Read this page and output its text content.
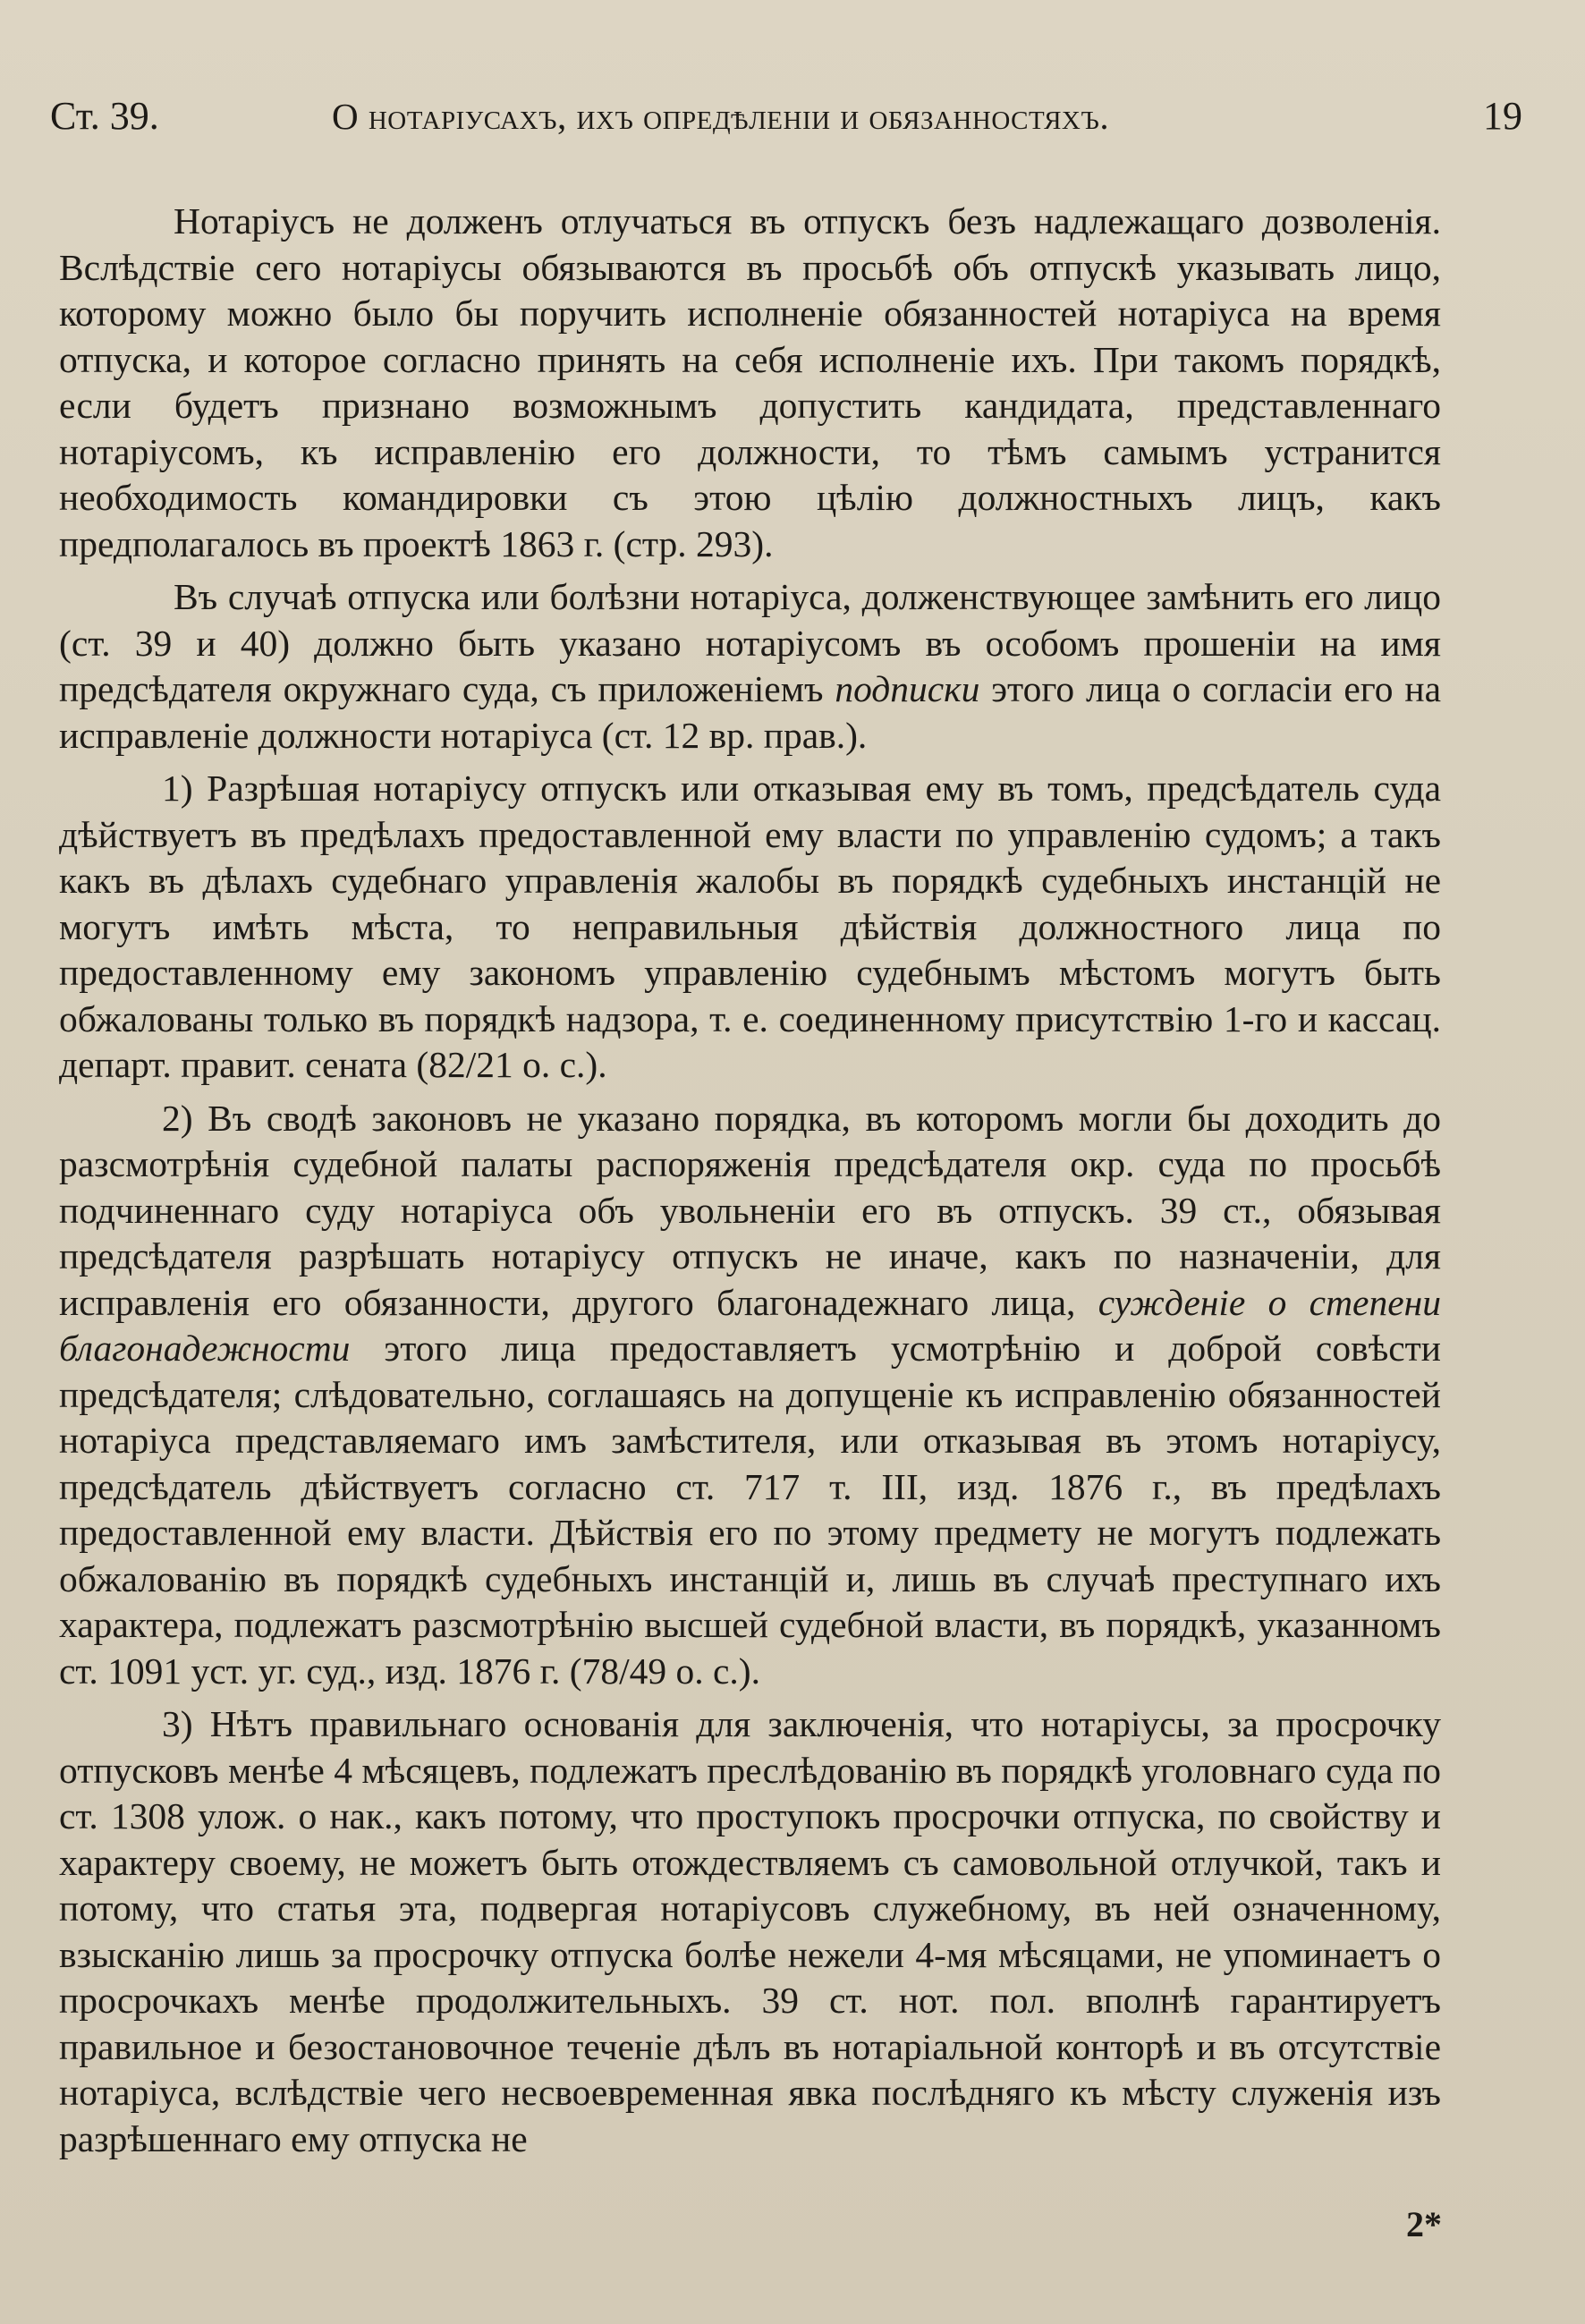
Ст. 39.	О нотаріусахъ, ихъ опредѣленіи и обязанностяхъ.	19

Нотаріусъ не долженъ отлучаться въ отпускъ безъ надлежащаго дозволенія. Вслѣдствіе сего нотаріусы обязываются въ просьбѣ объ отпускѣ указывать лицо, которому можно было бы поручить исполненіе обязанностей нотаріуса на время отпуска, и которое согласно принять на себя исполненіе ихъ. При такомъ порядкѣ, если будетъ признано возможнымъ допустить кандидата, представленнаго нотаріусомъ, къ исправленію его должности, то тѣмъ самымъ устранится необходимость командировки съ этою цѣлію должностныхъ лицъ, какъ предполагалось въ проектѣ 1863 г. (стр. 293).

Въ случаѣ отпуска или болѣзни нотаріуса, долженствующее замѣнить его лицо (ст. 39 и 40) должно быть указано нотаріусомъ въ особомъ прошеніи на имя предсѣдателя окружнаго суда, съ приложеніемъ подписки этого лица о согласіи его на исправленіе должности нотаріуса (ст. 12 вр. прав.).

1) Разрѣшая нотаріусу отпускъ или отказывая ему въ томъ, предсѣдатель суда дѣйствуетъ въ предѣлахъ предоставленной ему власти по управленію судомъ; а такъ какъ въ дѣлахъ судебнаго управленія жалобы въ порядкѣ судебныхъ инстанцій не могутъ имѣть мѣста, то неправильныя дѣйствія должностного лица по предоставленному ему закономъ управленію судебнымъ мѣстомъ могутъ быть обжалованы только въ порядкѣ надзора, т. е. соединенному присутствію 1-го и кассац. департ. правит. сената (82/21 о. с.).

2) Въ сводѣ законовъ не указано порядка, въ которомъ могли бы доходить до разсмотрѣнія судебной палаты распоряженія предсѣдателя окр. суда по просьбѣ подчиненнаго суду нотаріуса объ увольненіи его въ отпускъ. 39 ст., обязывая предсѣдателя разрѣшать нотаріусу отпускъ не иначе, какъ по назначеніи, для исправленія его обязанности, другого благонадежнаго лица, сужденіе о степени благонадежности этого лица предоставляетъ усмотрѣнію и доброй совѣсти предсѣдателя; слѣдовательно, соглашаясь на допущеніе къ исправленію обязанностей нотаріуса представляемаго имъ замѣстителя, или отказывая въ этомъ нотаріусу, предсѣдатель дѣйствуетъ согласно ст. 717 т. III, изд. 1876 г., въ предѣлахъ предоставленной ему власти. Дѣйствія его по этому предмету не могутъ подлежать обжалованію въ порядкѣ судебныхъ инстанцій и, лишь въ случаѣ преступнаго ихъ характера, подлежатъ разсмотрѣнію высшей судебной власти, въ порядкѣ, указанномъ ст. 1091 уст. уг. суд., изд. 1876 г. (78/49 о. с.).

3) Нѣтъ правильнаго основанія для заключенія, что нотаріусы, за просрочку отпусковъ менѣе 4 мѣсяцевъ, подлежатъ преслѣдованію въ порядкѣ уголовнаго суда по ст. 1308 улож. о нак., какъ потому, что проступокъ просрочки отпуска, по свойству и характеру своему, не можетъ быть отождествляемъ съ самовольной отлучкой, такъ и потому, что статья эта, подвергая нотаріусовъ служебному, въ ней означенному, взысканію лишь за просрочку отпуска болѣе нежели 4-мя мѣсяцами, не упоминаетъ о просрочкахъ менѣе продолжительныхъ. 39 ст. нот. пол. вполнѣ гарантируетъ правильное и безостановочное теченіе дѣлъ въ нотаріальной конторѣ и въ отсутствіе нотаріуса, вслѣдствіе чего несвоевременная явка послѣдняго къ мѣсту служенія изъ разрѣшеннаго ему отпуска не

2*
